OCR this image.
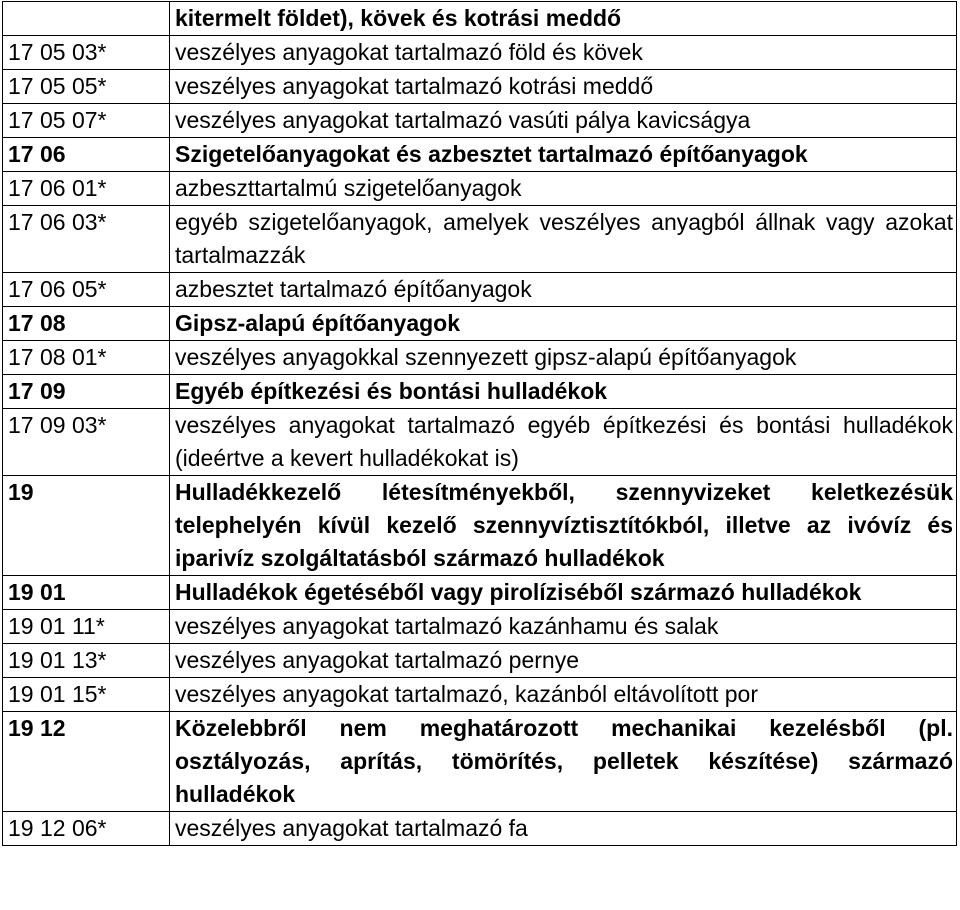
	kitermelt földet), kövek és kotrási meddő
17 05 03*	veszélyes anyagokat tartalmazó föld és kövek
17 05 05*	veszélyes anyagokat tartalmazó kotrási meddő
17 05 07*	veszélyes anyagokat tartalmazó vasúti pálya kavicságya
17 06	Szigetelőanyagokat és azbesztet tartalmazó építőanyagok
17 06 01*	azbeszttartalmú szigetelőanyagok
17 06 03*	egyéb szigetelőanyagok, amelyek veszélyes anyagból állnak vagy azokat tartalmazzák
17 06 05*	azbesztet tartalmazó építőanyagok
17 08	Gipsz-alapú építőanyagok
17 08 01*	veszélyes anyagokkal szennyezett gipsz-alapú építőanyagok
17 09	Egyéb építkezési és bontási hulladékok
17 09 03*	veszélyes anyagokat tartalmazó egyéb építkezési és bontási hulladékok (ideértve a kevert hulladékokat is)
19	Hulladékkezelő létesítményekből, szennyvizeket keletkezésük telephelyén kívül kezelő szennyvíztisztítókból, illetve az ivóvíz és iparivíz szolgáltatásból származó hulladékok
19 01	Hulladékok égetéséből vagy pirolíziséből származó hulladékok
19 01 11*	veszélyes anyagokat tartalmazó kazánhamu és salak
19 01 13*	veszélyes anyagokat tartalmazó pernye
19 01 15*	veszélyes anyagokat tartalmazó, kazánból eltávolított por
19 12	Közelebbről nem meghatározott mechanikai kezelésből (pl. osztályozás, aprítás, tömörítés, pelletek készítése) származó hulladékok
19 12 06*	veszélyes anyagokat tartalmazó fa
